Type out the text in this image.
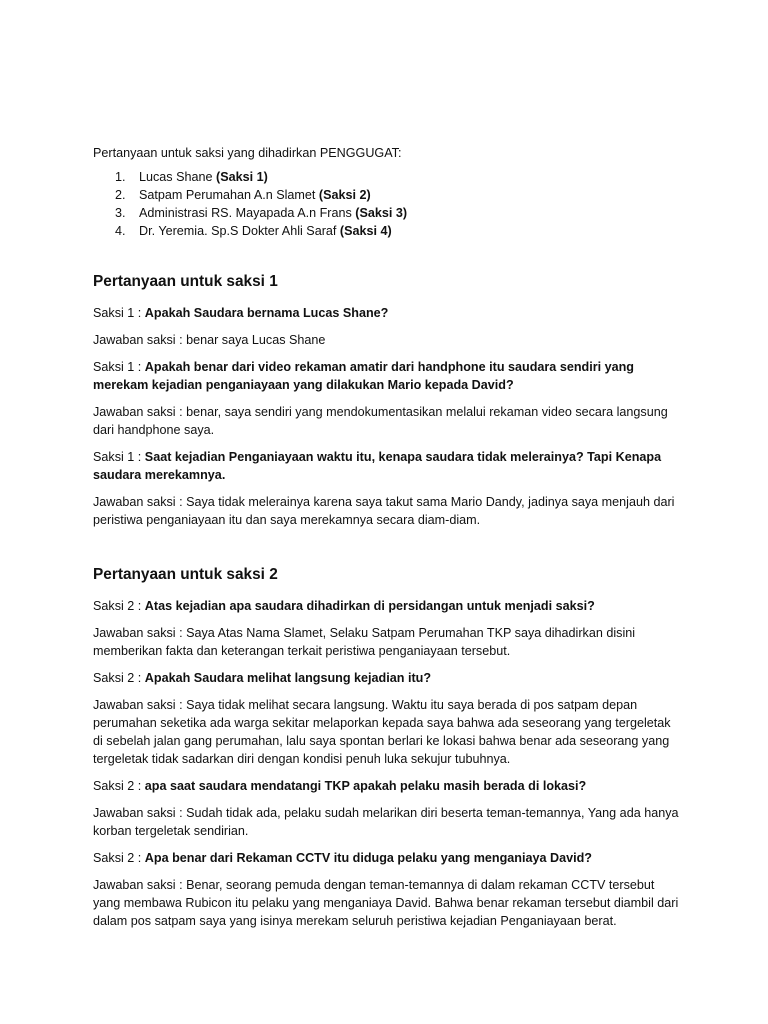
Pertanyaan untuk saksi yang dihadirkan PENGGUGAT:

1.	Lucas Shane (Saksi 1)
2.	Satpam Perumahan A.n Slamet (Saksi 2)
3.	Administrasi RS. Mayapada A.n Frans (Saksi 3)
4.	Dr. Yeremia. Sp.S Dokter Ahli Saraf (Saksi 4)
Pertanyaan untuk saksi 1

Saksi 1 : Apakah Saudara bernama Lucas Shane?

Jawaban saksi : benar saya Lucas Shane

Saksi 1 : Apakah benar dari video rekaman amatir dari handphone itu saudara sendiri yang merekam kejadian penganiayaan yang dilakukan Mario kepada David?

Jawaban saksi : benar, saya sendiri yang mendokumentasikan melalui rekaman video secara langsung dari handphone saya.

Saksi 1 : Saat kejadian Penganiayaan waktu itu, kenapa saudara tidak melerainya? Tapi Kenapa saudara merekamnya.

Jawaban saksi : Saya tidak melerainya karena saya takut sama Mario Dandy, jadinya saya menjauh dari peristiwa penganiayaan itu dan saya merekamnya secara diam-diam.

Pertanyaan untuk saksi 2

Saksi 2 : Atas kejadian apa saudara dihadirkan di persidangan untuk menjadi saksi?

Jawaban saksi : Saya Atas Nama Slamet, Selaku Satpam Perumahan TKP saya dihadirkan disini memberikan fakta dan keterangan terkait peristiwa penganiayaan tersebut.

Saksi 2 : Apakah Saudara melihat langsung kejadian itu?

Jawaban saksi : Saya tidak melihat secara langsung. Waktu itu saya berada di pos satpam depan perumahan seketika ada warga sekitar melaporkan kepada saya bahwa ada seseorang yang tergeletak di sebelah jalan gang perumahan, lalu saya spontan berlari ke lokasi bahwa benar ada seseorang yang tergeletak tidak sadarkan diri dengan kondisi penuh luka sekujur tubuhnya.

Saksi 2 : apa saat saudara mendatangi TKP apakah pelaku masih berada di lokasi?

Jawaban saksi : Sudah tidak ada, pelaku sudah melarikan diri beserta teman-temannya, Yang ada hanya korban tergeletak sendirian.

Saksi 2 : Apa benar dari Rekaman CCTV itu diduga pelaku yang menganiaya David?

Jawaban saksi : Benar, seorang pemuda dengan teman-temannya di dalam rekaman CCTV tersebut yang membawa Rubicon itu pelaku yang menganiaya David. Bahwa benar rekaman tersebut diambil dari dalam pos satpam saya yang isinya merekam seluruh peristiwa kejadian Penganiayaan berat.
